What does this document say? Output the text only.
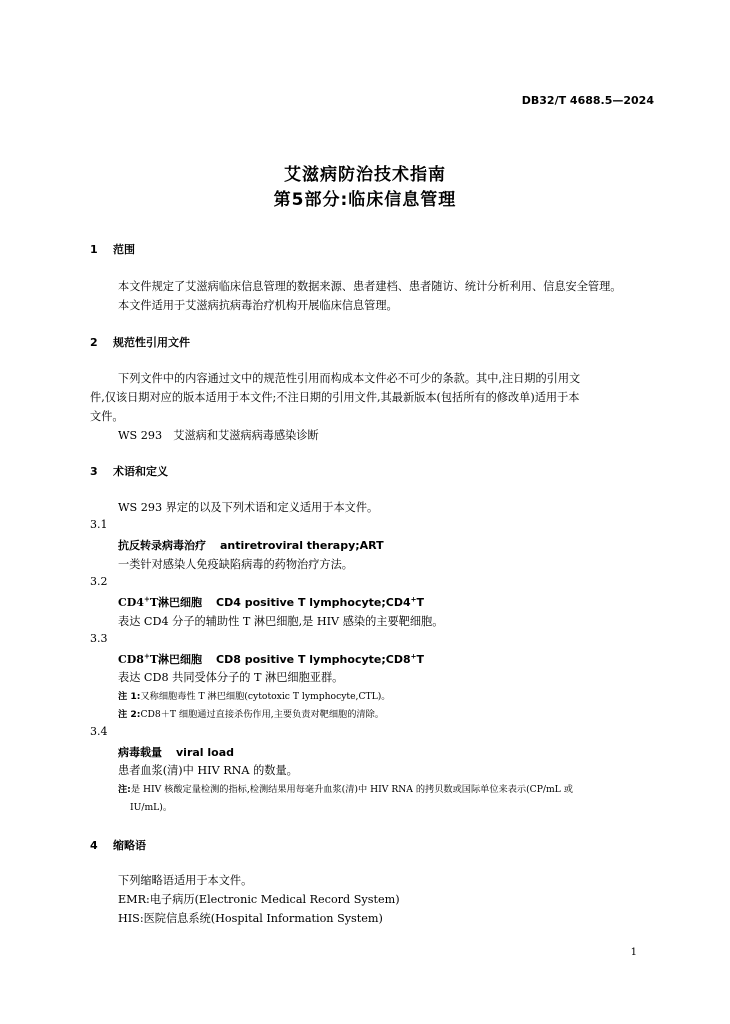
DB32/T 4688.5—2024
艾滋病防治技术指南
第5部分:临床信息管理
1 范围
本文件规定了艾滋病临床信息管理的数据来源、患者建档、患者随访、统计分析利用、信息安全管理。
本文件适用于艾滋病抗病毒治疗机构开展临床信息管理。
2 规范性引用文件
下列文件中的内容通过文中的规范性引用而构成本文件必不可少的条款。其中,注日期的引用文
件,仅该日期对应的版本适用于本文件;不注日期的引用文件,其最新版本(包括所有的修改单)适用于本
文件。
WS 293　艾滋病和艾滋病病毒感染诊断
3 术语和定义
WS 293 界定的以及下列术语和定义适用于本文件。
3.1
抗反转录病毒治疗 antiretroviral therapy;ART
一类针对感染人免疫缺陷病毒的药物治疗方法。
3.2
CD4+T淋巴细胞 CD4 positive T lymphocyte;CD4+T
表达 CD4 分子的辅助性 T 淋巴细胞,是 HIV 感染的主要靶细胞。
3.3
CD8+T淋巴细胞 CD8 positive T lymphocyte;CD8+T
表达 CD8 共同受体分子的 T 淋巴细胞亚群。
注 1:又称细胞毒性 T 淋巴细胞(cytotoxic T lymphocyte,CTL)。
注 2:CD8＋T 细胞通过直接杀伤作用,主要负责对靶细胞的清除。
3.4
病毒载量 viral load
患者血浆(清)中 HIV RNA 的数量。
注:是 HIV 核酸定量检测的指标,检测结果用每毫升血浆(清)中 HIV RNA 的拷贝数或国际单位来表示(CP/mL 或
IU/mL)。
4 缩略语
下列缩略语适用于本文件。
EMR:电子病历(Electronic Medical Record System)
HIS:医院信息系统(Hospital Information System)
1
